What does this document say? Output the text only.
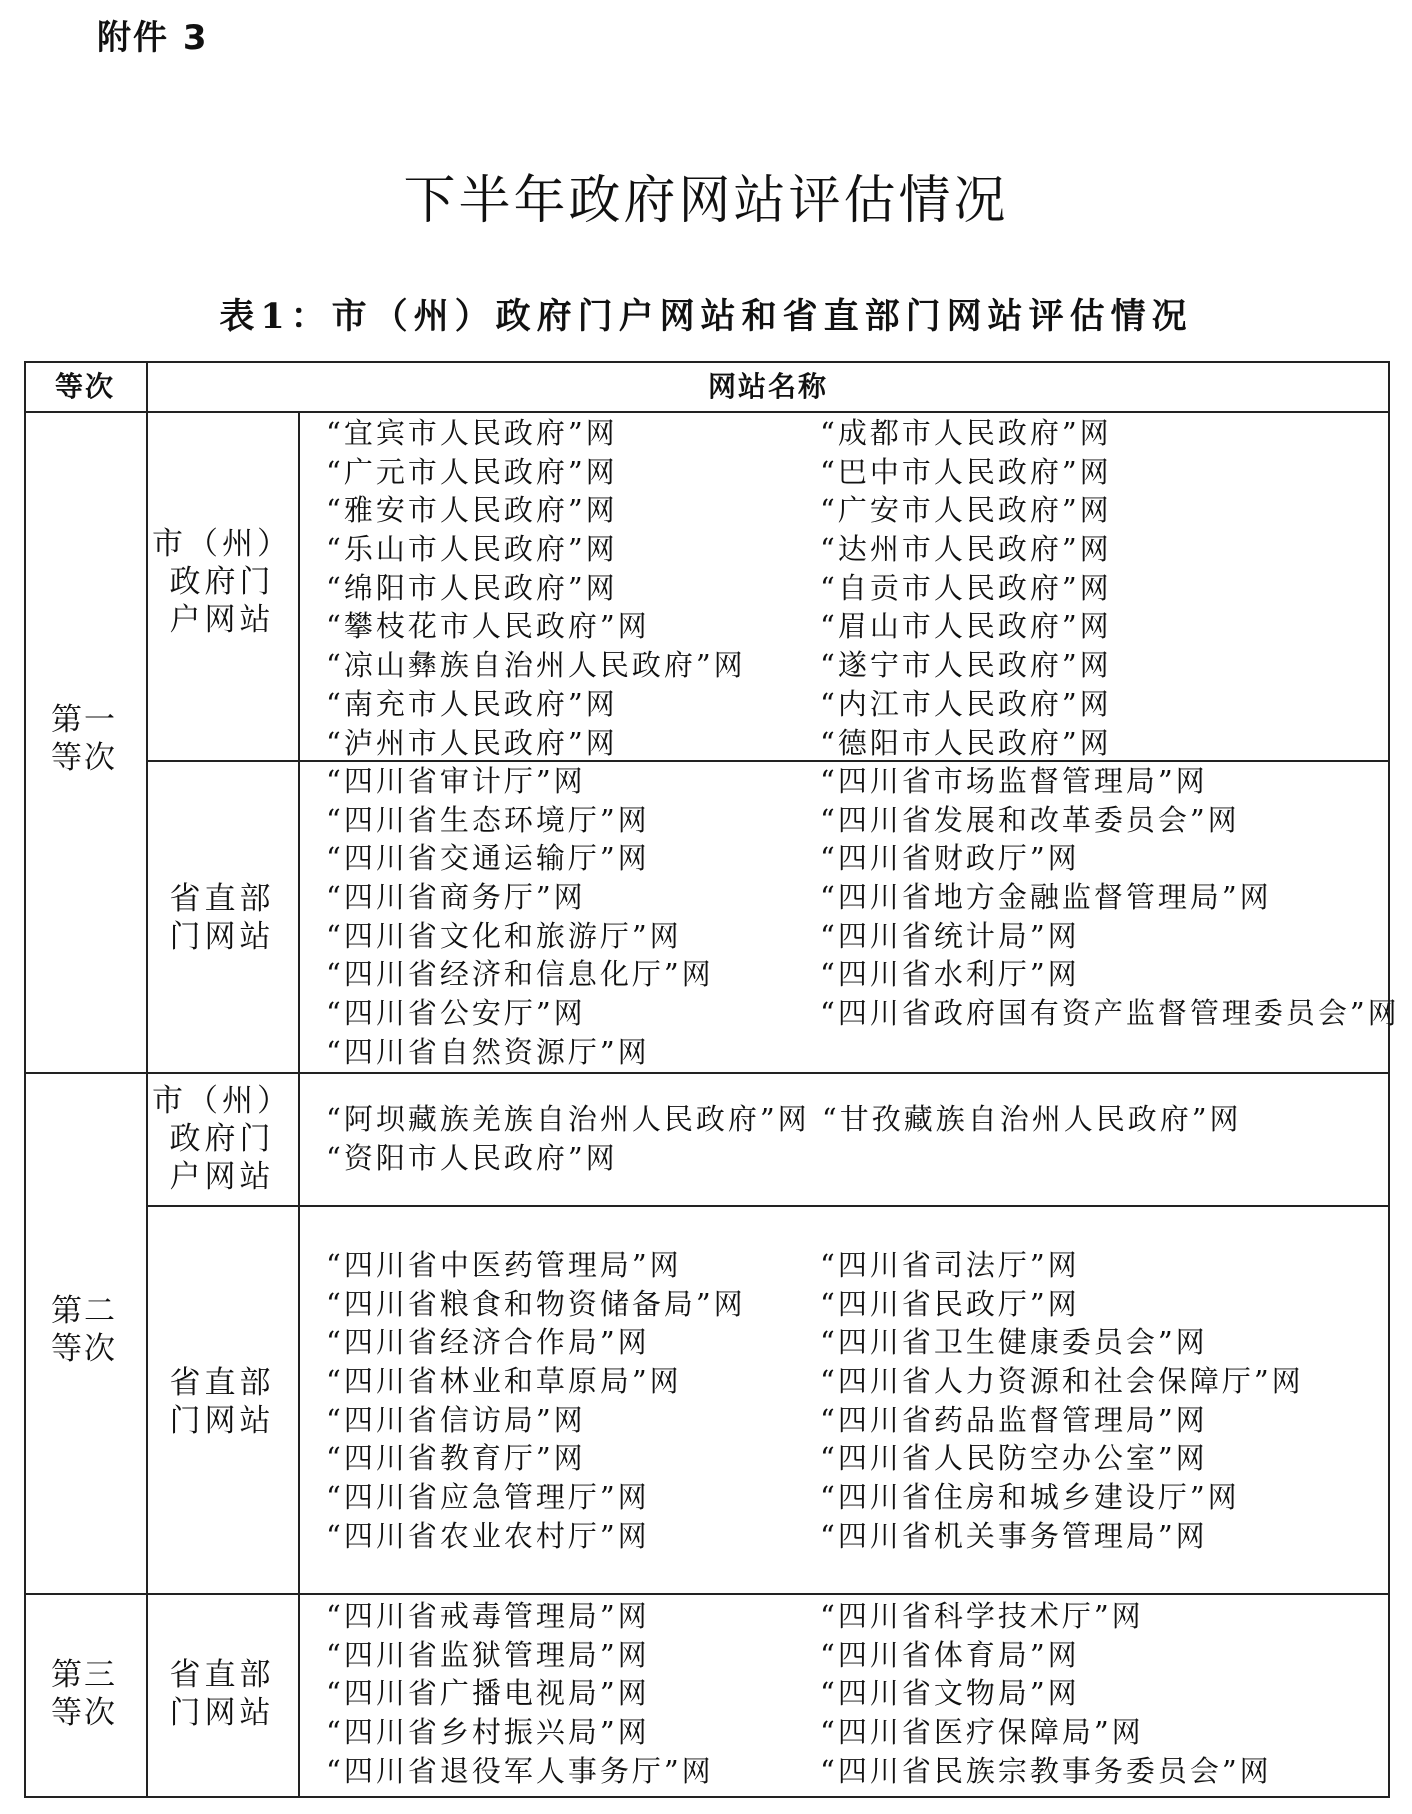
附件 3
下半年政府网站评估情况
表1：市（州）政府门户网站和省直部门网站评估情况
等次	网站名称
第一
等次
市（州）
政府门
户网站
“宜宾市人民政府”网
“广元市人民政府”网
“雅安市人民政府”网
“乐山市人民政府”网
“绵阳市人民政府”网
“攀枝花市人民政府”网
“凉山彝族自治州人民政府”网
“南充市人民政府”网
“泸州市人民政府”网
“成都市人民政府”网
“巴中市人民政府”网
“广安市人民政府”网
“达州市人民政府”网
“自贡市人民政府”网
“眉山市人民政府”网
“遂宁市人民政府”网
“内江市人民政府”网
“德阳市人民政府”网
省直部
门网站
“四川省审计厅”网
“四川省生态环境厅”网
“四川省交通运输厅”网
“四川省商务厅”网
“四川省文化和旅游厅”网
“四川省经济和信息化厅”网
“四川省公安厅”网
“四川省自然资源厅”网
“四川省市场监督管理局”网
“四川省发展和改革委员会”网
“四川省财政厅”网
“四川省地方金融监督管理局”网
“四川省统计局”网
“四川省水利厅”网
“四川省政府国有资产监督管理委员会”网
第二
等次
市（州）
政府门
户网站
“阿坝藏族羌族自治州人民政府”网 “甘孜藏族自治州人民政府”网
“资阳市人民政府”网
省直部
门网站
“四川省中医药管理局”网
“四川省粮食和物资储备局”网
“四川省经济合作局”网
“四川省林业和草原局”网
“四川省信访局”网
“四川省教育厅”网
“四川省应急管理厅”网
“四川省农业农村厅”网
“四川省司法厅”网
“四川省民政厅”网
“四川省卫生健康委员会”网
“四川省人力资源和社会保障厅”网
“四川省药品监督管理局”网
“四川省人民防空办公室”网
“四川省住房和城乡建设厅”网
“四川省机关事务管理局”网
第三
等次
省直部
门网站
“四川省戒毒管理局”网
“四川省监狱管理局”网
“四川省广播电视局”网
“四川省乡村振兴局”网
“四川省退役军人事务厅”网
“四川省科学技术厅”网
“四川省体育局”网
“四川省文物局”网
“四川省医疗保障局”网
“四川省民族宗教事务委员会”网
